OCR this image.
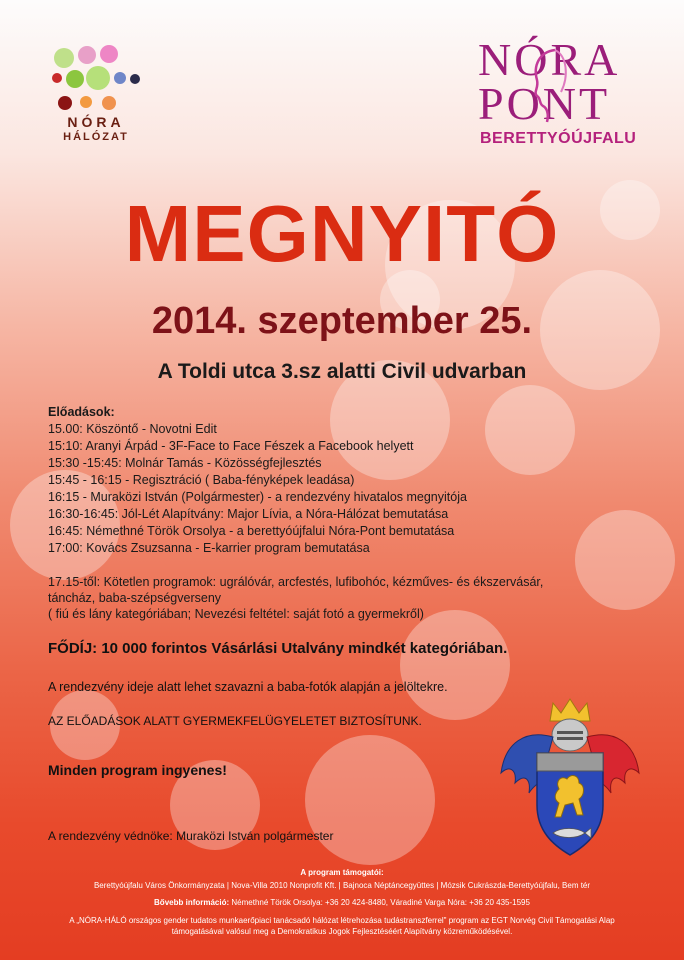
NÓRA
HÁLÓZAT
NÓRA
PONT
BERETTYÓÚJFALU
MEGNYITÓ
2014. szeptember 25.
A Toldi utca 3.sz alatti Civil udvarban
Előadások:
15.00: Köszöntő - Novotni Edit
15:10: Aranyi Árpád - 3F-Face to Face Fészek a Facebook helyett
15:30 -15:45: Molnár Tamás - Közösségfejlesztés
15:45 - 16:15 - Regisztráció ( Baba-fényképek leadása)
16:15 - Muraközi István (Polgármester) - a rendezvény hivatalos megnyitója
16:30-16:45: Jól-Lét Alapítvány: Major Lívia, a Nóra-Hálózat bemutatása
16:45: Némethné Török Orsolya - a berettyóújfalui Nóra-Pont bemutatása
17:00: Kovács Zsuzsanna - E-karrier program bemutatása
17.15-től: Kötetlen programok: ugrálóvár, arcfestés, lufibohóc, kézműves- és ékszervásár,
táncház, baba-szépségverseny
( fiú és lány kategóriában; Nevezési feltétel: saját fotó a gyermekről)
FŐDÍJ: 10 000 forintos Vásárlási Utalvány mindkét kategóriában.
A rendezvény ideje alatt lehet szavazni a baba-fotók alapján a jelöltekre.
AZ ELŐADÁSOK ALATT GYERMEKFELÜGYELETET BIZTOSÍTUNK.
Minden program ingyenes!
A rendezvény védnöke: Muraközi István polgármester
A program támogatói:
Berettyóújfalu Város Önkormányzata | Nova-Villa 2010 Nonprofit Kft. | Bajnoca Néptáncegyüttes | Mózsik Cukrászda-Berettyóújfalu, Bem tér
Bővebb információ: Némethné Török Orsolya: +36 20 424-8480, Váradiné Varga Nóra: +36 20 435-1595
A „NÓRA-HÁLÓ országos gender tudatos munkaerőpiaci tanácsadó hálózat létrehozása tudástranszferrel" program az EGT Norvég Civil Támogatási Alap
támogatásával valósul meg a Demokratikus Jogok Fejlesztéséért Alapítvány közreműködésével.
